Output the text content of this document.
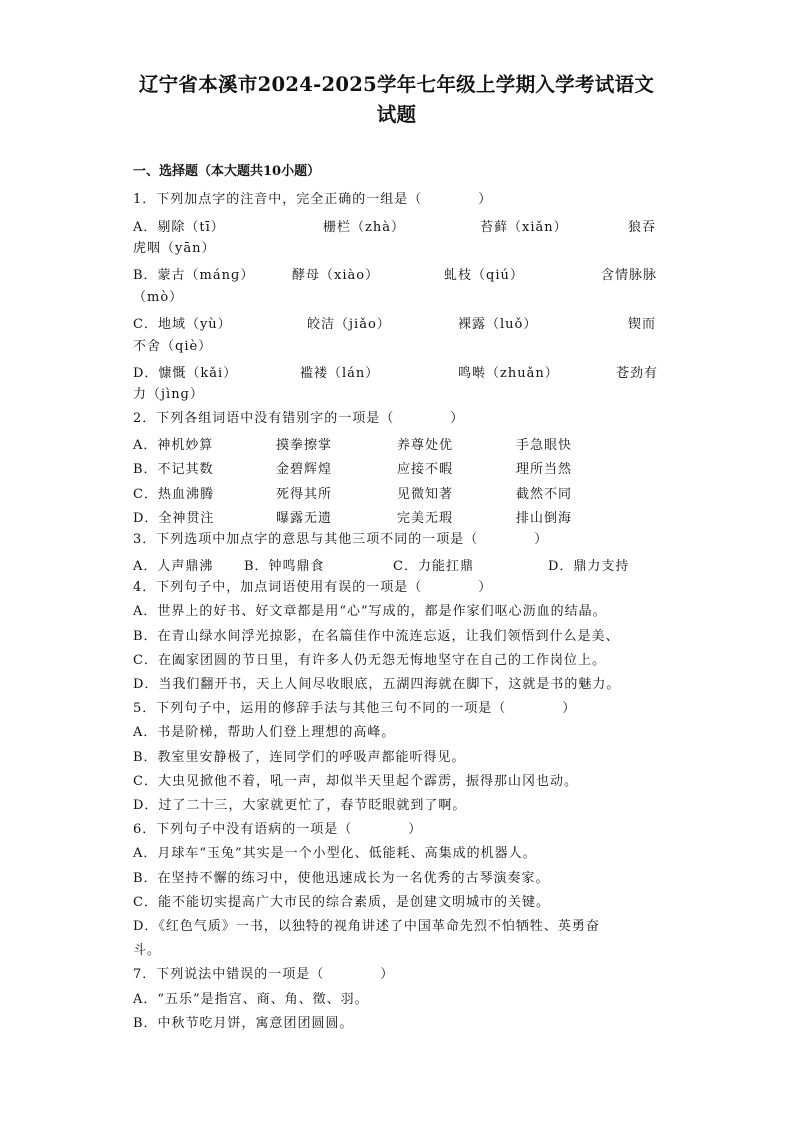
辽宁省本溪市2024-2025学年七年级上学期入学考试语文
试题
一、选择题（本大题共10小题）
1．下列加点字的注音中，完全正确的一组是（　　　　）
A．剔除（tī）	栅栏（zhà）	苔藓（xiǎn）	狼吞
虎咽（yān）
B．蒙古（mánɡ）	酵母（xiào）	虬枝（qiú）	含情脉脉
（mò）
C．地域（yù）	皎洁（jiǎo）	裸露（luǒ）	锲而
不舍（qiè）
D．慷慨（kǎi）	褴褛（lán）	鸣啭（zhuǎn）	苍劲有
力（jìnɡ）
2．下列各组词语中没有错别字的一项是（　　　　）
A．神机妙算	摸拳擦掌	养尊处优	手急眼快
B．不记其数	金碧辉煌	应接不暇	理所当然
C．热血沸腾	死得其所	见微知著	截然不同
D．全神贯注	曝露无遗	完美无瑕	排山倒海
3．下列选项中加点字的意思与其他三项不同的一项是（　　　　）
A．人声鼎沸 B．钟鸣鼎食	C．力能扛鼎	D．鼎力支持
4．下列句子中，加点词语使用有误的一项是（　　　　）
A．世界上的好书、好文章都是用“心”写成的，都是作家们呕心沥血的结晶。
B．在青山绿水间浮光掠影，在名篇佳作中流连忘返，让我们领悟到什么是美、
C．在阖家团圆的节日里，有许多人仍无怨无悔地坚守在自己的工作岗位上。
D．当我们翻开书，天上人间尽收眼底，五湖四海就在脚下，这就是书的魅力。
5．下列句子中，运用的修辞手法与其他三句不同的一项是（　　　　）
A．书是阶梯，帮助人们登上理想的高峰。
B．教室里安静极了，连同学们的呼吸声都能听得见。
C．大虫见掀他不着，吼一声，却似半天里起个霹雳，振得那山冈也动。
D．过了二十三，大家就更忙了，春节眨眼就到了啊。
6．下列句子中没有语病的一项是（　　　　）
A．月球车“玉兔”其实是一个小型化、低能耗、高集成的机器人。
B．在坚持不懈的练习中，使他迅速成长为一名优秀的古琴演奏家。
C．能不能切实提高广大市民的综合素质，是创建文明城市的关键。
D．《红色气质》一书，以独特的视角讲述了中国革命先烈不怕牺牲、英勇奋
斗。
7．下列说法中错误的一项是（　　　　）
A．“五乐”是指宫、商、角、徵、羽。
B．中秋节吃月饼，寓意团团圆圆。
